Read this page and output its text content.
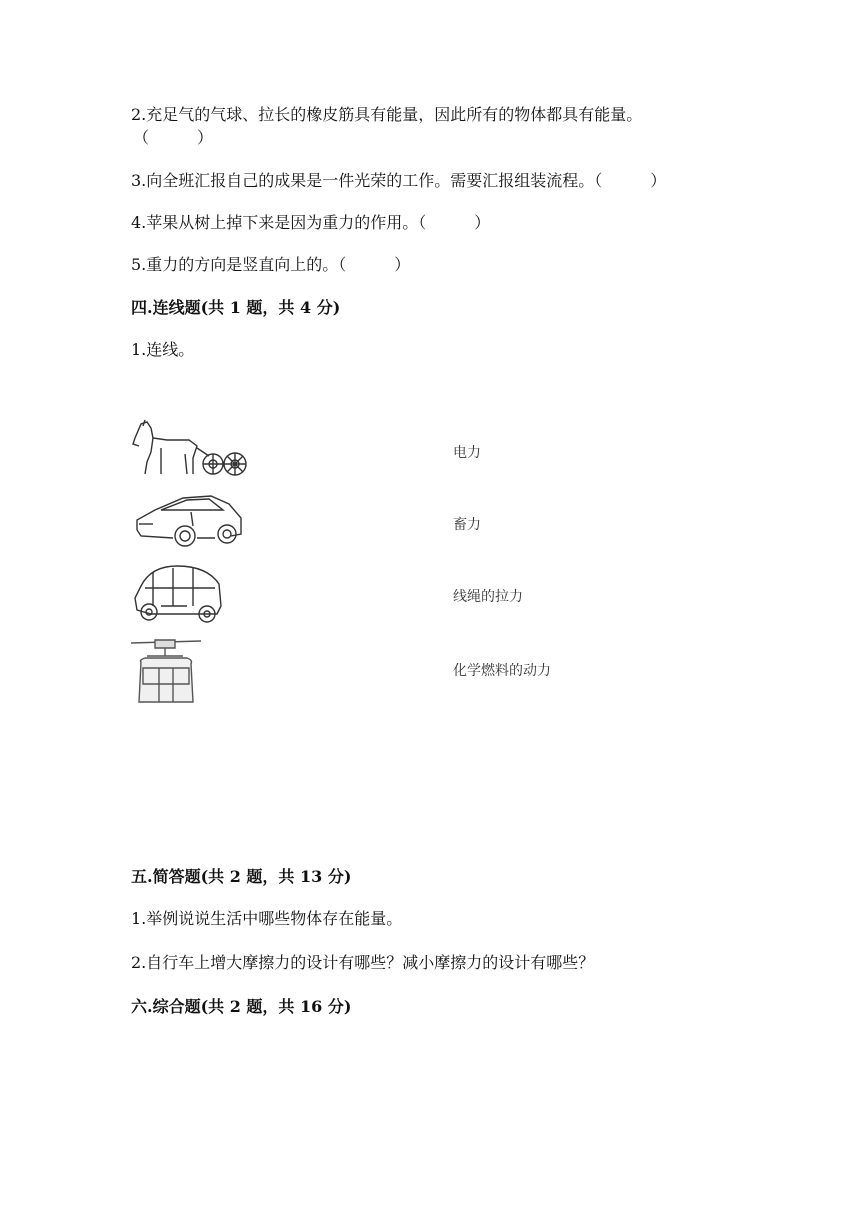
2.充足气的气球、拉长的橡皮筋具有能量，因此所有的物体都具有能量。
（　　　）
3.向全班汇报自己的成果是一件光荣的工作。需要汇报组装流程。（　　　）
4.苹果从树上掉下来是因为重力的作用。（　　　）
5.重力的方向是竖直向上的。（　　　）
四.连线题(共 1 题，共 4 分)
1.连线。
电力
畜力
线绳的拉力
化学燃料的动力
五.简答题(共 2 题，共 13 分)
1.举例说说生活中哪些物体存在能量。
2.自行车上增大摩擦力的设计有哪些？减小摩擦力的设计有哪些？
六.综合题(共 2 题，共 16 分)
